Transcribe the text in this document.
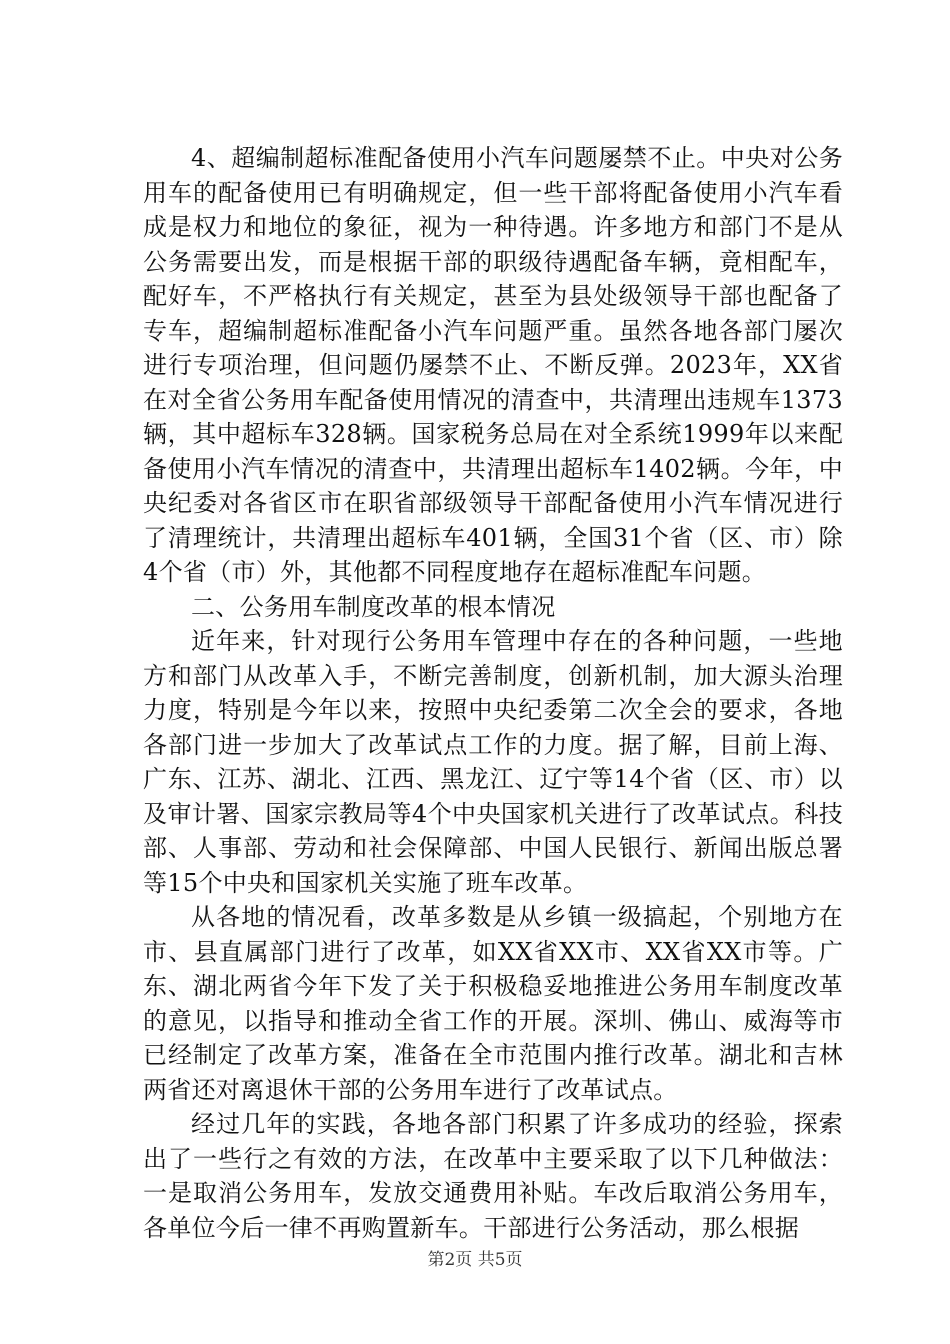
4、超编制超标准配备使用小汽车问题屡禁不止。中央对公务用车的配备使用已有明确规定，但一些干部将配备使用小汽车看成是权力和地位的象征，视为一种待遇。许多地方和部门不是从公务需要出发，而是根据干部的职级待遇配备车辆，竟相配车，配好车，不严格执行有关规定，甚至为县处级领导干部也配备了专车，超编制超标准配备小汽车问题严重。虽然各地各部门屡次进行专项治理，但问题仍屡禁不止、不断反弹。2023年，XX省在对全省公务用车配备使用情况的清查中，共清理出违规车1373辆，其中超标车328辆。国家税务总局在对全系统1999年以来配备使用小汽车情况的清查中，共清理出超标车1402辆。今年，中央纪委对各省区市在职省部级领导干部配备使用小汽车情况进行了清理统计，共清理出超标车401辆，全国31个省（区、市）除4个省（市）外，其他都不同程度地存在超标准配车问题。

二、公务用车制度改革的根本情况

近年来，针对现行公务用车管理中存在的各种问题，一些地方和部门从改革入手，不断完善制度，创新机制，加大源头治理力度，特别是今年以来，按照中央纪委第二次全会的要求，各地各部门进一步加大了改革试点工作的力度。据了解，目前上海、广东、江苏、湖北、江西、黑龙江、辽宁等14个省（区、市）以及审计署、国家宗教局等4个中央国家机关进行了改革试点。科技部、人事部、劳动和社会保障部、中国人民银行、新闻出版总署等15个中央和国家机关实施了班车改革。

从各地的情况看，改革多数是从乡镇一级搞起，个别地方在市、县直属部门进行了改革，如XX省XX市、XX省XX市等。广东、湖北两省今年下发了关于积极稳妥地推进公务用车制度改革的意见，以指导和推动全省工作的开展。深圳、佛山、威海等市已经制定了改革方案，准备在全市范围内推行改革。湖北和吉林两省还对离退休干部的公务用车进行了改革试点。

经过几年的实践，各地各部门积累了许多成功的经验，探索出了一些行之有效的方法，在改革中主要采取了以下几种做法：一是取消公务用车，发放交通费用补贴。车改后取消公务用车，各单位今后一律不再购置新车。干部进行公务活动，那么根据

第2页 共5页
